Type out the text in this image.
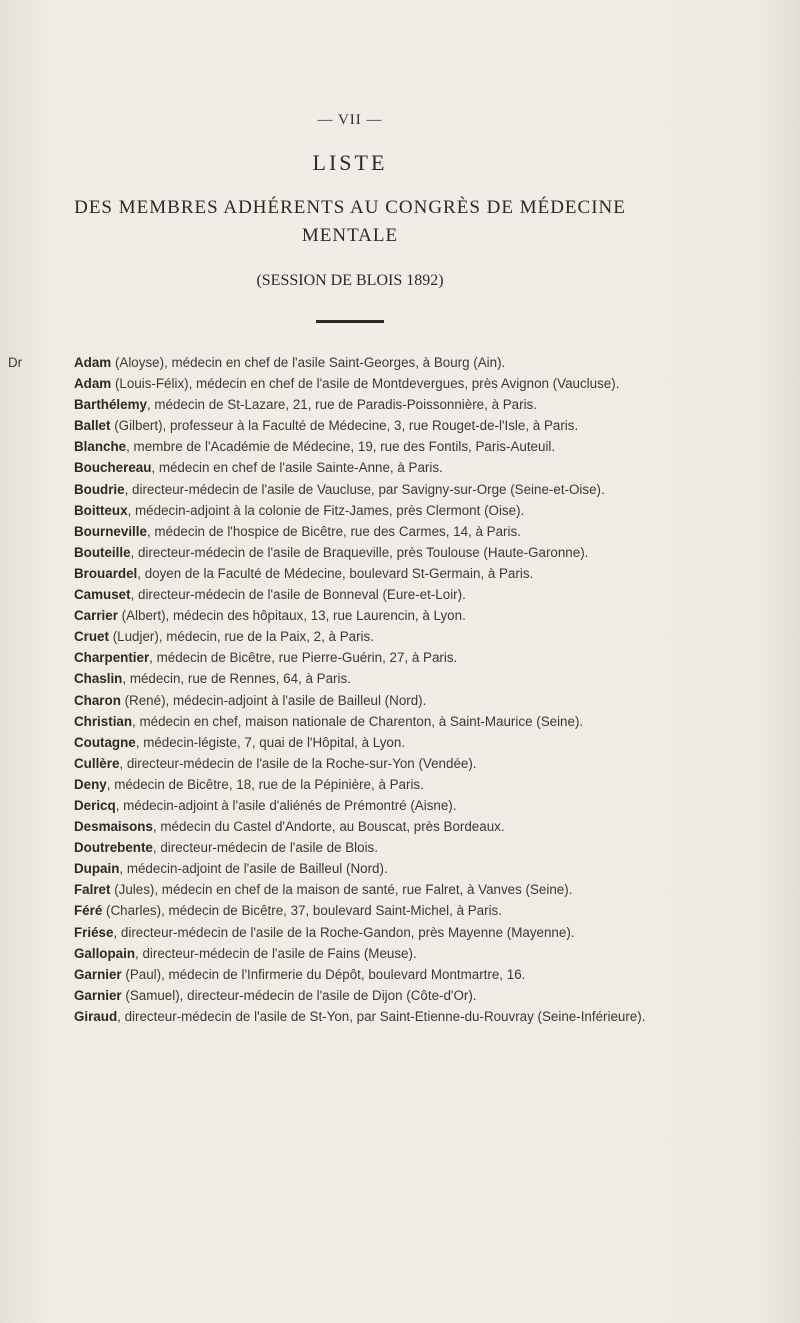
— VII —
LISTE
DES MEMBRES ADHÉRENTS AU CONGRÈS DE MÉDECINE MENTALE
(SESSION DE BLOIS 1892)

Dr	Adam (Aloyse), médecin en chef de l'asile Saint-Georges, à Bourg (Ain).

Adam (Louis-Félix), médecin en chef de l'asile de Montdevergues, près Avignon (Vaucluse).

Barthélemy, médecin de St-Lazare, 21, rue de Paradis-Poissonnière, à Paris.

Ballet (Gilbert), professeur à la Faculté de Médecine, 3, rue Rouget-de-l'Isle, à Paris.

Blanche, membre de l'Académie de Médecine, 19, rue des Fontils, Paris-Auteuil.

Bouchereau, médecin en chef de l'asile Sainte-Anne, à Paris.

Boudrie, directeur-médecin de l'asile de Vaucluse, par Savigny-sur-Orge (Seine-et-Oise).

Boitteux, médecin-adjoint à la colonie de Fitz-James, près Clermont (Oise).

Bourneville, médecin de l'hospice de Bicêtre, rue des Carmes, 14, à Paris.

Bouteille, directeur-médecin de l'asile de Braqueville, près Toulouse (Haute-Garonne).

Brouardel, doyen de la Faculté de Médecine, boulevard St-Germain, à Paris.

Camuset, directeur-médecin de l'asile de Bonneval (Eure-et-Loir).

Carrier (Albert), médecin des hôpitaux, 13, rue Laurencin, à Lyon.

Cruet (Ludjer), médecin, rue de la Paix, 2, à Paris.

Charpentier, médecin de Bicêtre, rue Pierre-Guérin, 27, à Paris.

Chaslin, médecin, rue de Rennes, 64, à Paris.

Charon (René), médecin-adjoint à l'asile de Bailleul (Nord).

Christian, médecin en chef, maison nationale de Charenton, à Saint-Maurice (Seine).

Coutagne, médecin-légiste, 7, quai de l'Hôpital, à Lyon.

Cullère, directeur-médecin de l'asile de la Roche-sur-Yon (Vendée).

Deny, médecin de Bicêtre, 18, rue de la Pépinière, à Paris.

Dericq, médecin-adjoint à l'asile d'aliénés de Prémontré (Aisne).

Desmaisons, médecin du Castel d'Andorte, au Bouscat, près Bordeaux.

Doutrebente, directeur-médecin de l'asile de Blois.

Dupain, médecin-adjoint de l'asile de Bailleul (Nord).

Falret (Jules), médecin en chef de la maison de santé, rue Falret, à Vanves (Seine).

Féré (Charles), médecin de Bicêtre, 37, boulevard Saint-Michel, à Paris.

Friése, directeur-médecin de l'asile de la Roche-Gandon, près Mayenne (Mayenne).

Gallopain, directeur-médecin de l'asile de Fains (Meuse).

Garnier (Paul), médecin de l'Infirmerie du Dépôt, boulevard Montmartre, 16.

Garnier (Samuel), directeur-médecin de l'asile de Dijon (Côte-d'Or).

Giraud, directeur-médecin de l'asile de St-Yon, par Saint-Etienne-du-Rouvray (Seine-Inférieure).
